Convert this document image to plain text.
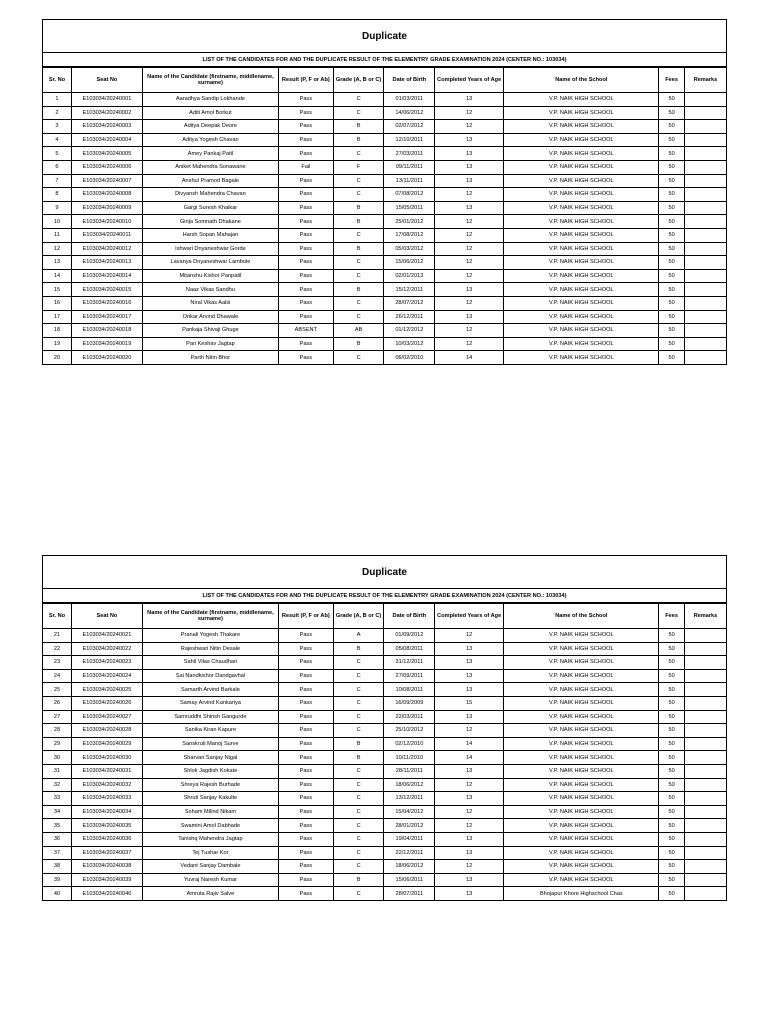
Duplicate
LIST OF THE CANDIDATES FOR AND THE DUPLICATE RESULT OF THE ELEMENTRY GRADE EXAMINATION 2024 (CENTER NO.: 103034)
Sr. No	Seat No	Name of the Candidate (firstname, middlename, surname)	Result (P, F or Ab)	Grade (A, B or C)	Date of Birth	Completed Years of Age	Name of the School	Fees	Remarks
1	E103034/20240001	Aaradhya Sandip Lokhande	Pass	C	01/03/2011	13	V.P. NAIK HIGH SCHOOL	50	
2	E103034/20240002	Aditi Amol Borkut	Pass	C	14/06/2012	12	V.P. NAIK HIGH SCHOOL	50	
3	E103034/20240003	Aditya Deepak Deore	Pass	B	02/07/2012	12	V.P. NAIK HIGH SCHOOL	50	
4	E103034/20240004	Aditya Yogesh Chavan	Pass	B	12/10/2011	13	V.P. NAIK HIGH SCHOOL	50	
5	E103034/20240005	Amey Pankaj Patil	Pass	C	27/03/2011	13	V.P. NAIK HIGH SCHOOL	50	
6	E103034/20240006	Aniket Mahendra Sonawane	Fail	F	09/11/2011	13	V.P. NAIK HIGH SCHOOL	50	
7	E103034/20240007	Anshul Pramod Bagale	Pass	C	13/11/2011	13	V.P. NAIK HIGH SCHOOL	50	
8	E103034/20240008	Divyansh Mahendra Chavan	Pass	C	07/08/2012	12	V.P. NAIK HIGH SCHOOL	50	
9	E103034/20240009	Gargi Suresh Khaikar	Pass	B	15/05/2011	13	V.P. NAIK HIGH SCHOOL	50	
10	E103034/20240010	Girija Somnath Dhakane	Pass	B	25/01/2012	12	V.P. NAIK HIGH SCHOOL	50	
11	E103034/20240011	Harsh Sopan Mahajan	Pass	C	17/08/2012	12	V.P. NAIK HIGH SCHOOL	50	
12	E103034/20240012	Ishwari Dnyaneshwar Gorde	Pass	B	05/03/2012	12	V.P. NAIK HIGH SCHOOL	50	
13	E103034/20240013	Lavanya Dnyaneshwar Lambole	Pass	C	15/06/2012	12	V.P. NAIK HIGH SCHOOL	50	
14	E103034/20240014	Mitanshu Kishor Panpatil	Pass	C	02/01/2013	12	V.P. NAIK HIGH SCHOOL	50	
15	E103034/20240015	Naaz Vikas Sandhu	Pass	B	15/12/2011	13	V.P. NAIK HIGH SCHOOL	50	
16	E103034/20240016	Niral Vikas Aalsi	Pass	C	28/07/2012	12	V.P. NAIK HIGH SCHOOL	50	
17	E103034/20240017	Onkar Arvind Dhawale	Pass	C	26/12/2011	13	V.P. NAIK HIGH SCHOOL	50	
18	E103034/20240018	Pankaja Shivaji Ghuge	ABSENT	AB	01/12/2012	12	V.P. NAIK HIGH SCHOOL	50	
19	E103034/20240019	Pari Keshav Jagtap	Pass	B	10/03/2012	12	V.P. NAIK HIGH SCHOOL	50	
20	E103034/20240020	Parth Nitin Bhor	Pass	C	06/02/2010	14	V.P. NAIK HIGH SCHOOL	50	
Duplicate
LIST OF THE CANDIDATES FOR AND THE DUPLICATE RESULT OF THE ELEMENTRY GRADE EXAMINATION 2024 (CENTER NO.: 103034)
Sr. No	Seat No	Name of the Candidate (firstname, middlename, surname)	Result (P, F or Ab)	Grade (A, B or C)	Date of Birth	Completed Years of Age	Name of the School	Fees	Remarks
21	E103034/20240021	Pranali Yogesh Thakare	Pass	A	01/09/2012	12	V.P. NAIK HIGH SCHOOL	50	
22	E103034/20240022	Rajeshwari Nitin Desale	Pass	B	05/08/2011	13	V.P. NAIK HIGH SCHOOL	50	
23	E103034/20240023	Sahil Vilas Chaudhari	Pass	C	31/12/2011	13	V.P. NAIK HIGH SCHOOL	50	
24	E103034/20240024	Sai Nandkishor Dandgavhal	Pass	C	27/09/2011	13	V.P. NAIK HIGH SCHOOL	50	
25	E103034/20240025	Samarth Arvind Barkale	Pass	C	10/08/2011	13	V.P. NAIK HIGH SCHOOL	50	
26	E103034/20240026	Samay Arvind Kankariya	Pass	C	16/09/2009	15	V.P. NAIK HIGH SCHOOL	50	
27	E103034/20240027	Samruddhi Shirish Gangurde	Pass	C	22/03/2011	13	V.P. NAIK HIGH SCHOOL	50	
28	E103034/20240028	Sanika Kiran Kapure	Pass	C	25/10/2012	12	V.P. NAIK HIGH SCHOOL	50	
29	E103034/20240029	Sanskruti Manoj Surve	Pass	B	02/12/2010	14	V.P. NAIK HIGH SCHOOL	50	
30	E103034/20240030	Sharvari Sanjay Nigal	Pass	B	10/11/2010	14	V.P. NAIK HIGH SCHOOL	50	
31	E103034/20240031	Shlok Jagdish Kokate	Pass	C	28/11/2011	13	V.P. NAIK HIGH SCHOOL	50	
32	E103034/20240032	Shreya Rajesh Burhade	Pass	C	18/06/2012	12	V.P. NAIK HIGH SCHOOL	50	
33	E103034/20240033	Shruti Sanjay Kakulte	Pass	C	13/12/2011	13	V.P. NAIK HIGH SCHOOL	50	
34	E103034/20240034	Soham Milind Nikam	Pass	C	15/04/2012	12	V.P. NAIK HIGH SCHOOL	50	
35	E103034/20240035	Swamini Amol Dabhade	Pass	C	28/01/2012	12	V.P. NAIK HIGH SCHOOL	50	
36	E103034/20240036	Tanishq Mahendra Jagtap	Pass	C	19/04/2011	13	V.P. NAIK HIGH SCHOOL	50	
37	E103034/20240037	Tej Tushar Kor	Pass	C	22/12/2011	13	V.P. NAIK HIGH SCHOOL	50	
38	E103034/20240038	Vedant Sanjay Dambale	Pass	C	18/06/2012	12	V.P. NAIK HIGH SCHOOL	50	
39	E103034/20240039	Yuvraj Naresh Kumar	Pass	B	15/06/2011	13	V.P. NAIK HIGH SCHOOL	50	
40	E103034/20240040	Amruta Rajiv Salve	Pass	C	28/07/2011	13	Bhojapur Khore Highschool Chas	50	
